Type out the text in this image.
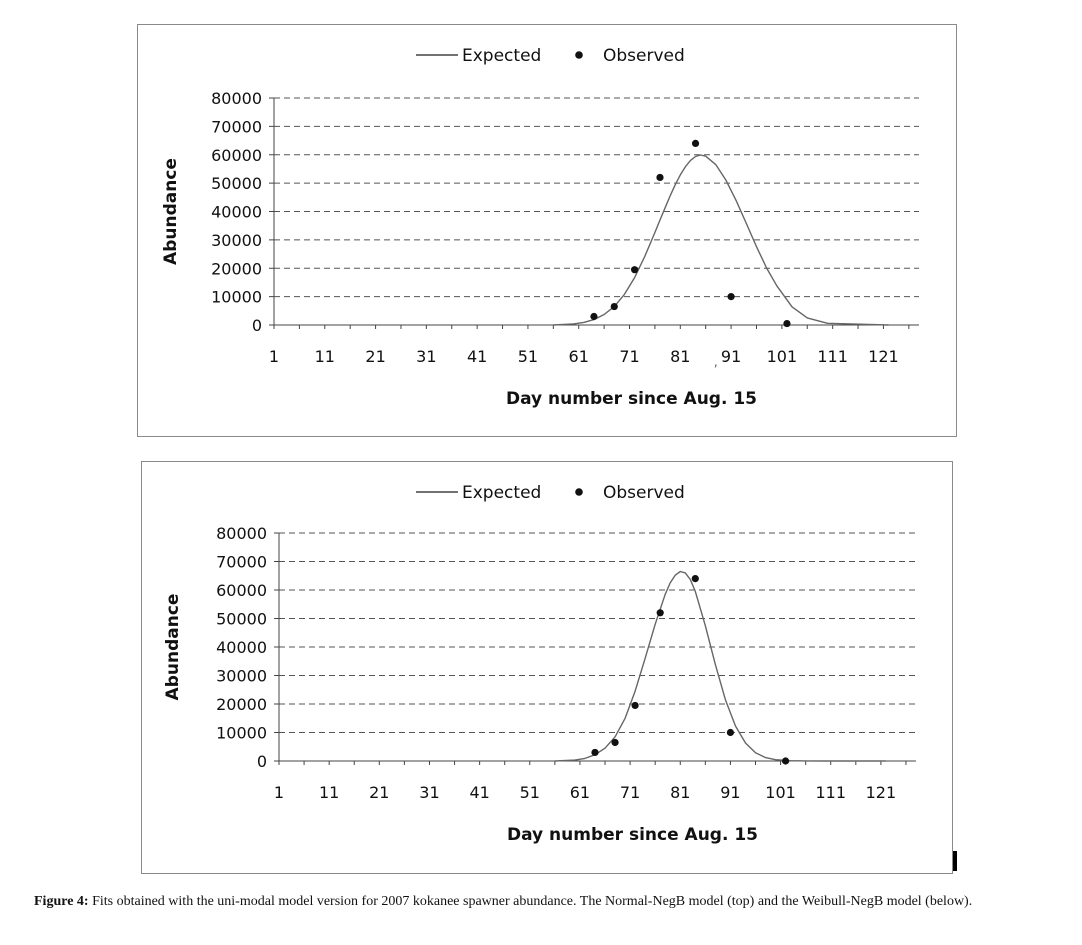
0
10000
20000
30000
40000
50000
60000
70000
80000
1 11 21 31 41 51 61 71 81 91 101 111 121
,
Day number since Aug. 15
Abundance
Expected	Observed
0
10000
20000
30000
40000
50000
60000
70000
80000
1 11 21 31 41 51 61 71 81 91 101 111 121
Day number since Aug. 15
Abundance
Expected	Observed
Figure 4: Fits obtained with the uni-modal model version for 2007 kokanee spawner abundance. The Normal-NegB model (top) and the Weibull-NegB model (below).
